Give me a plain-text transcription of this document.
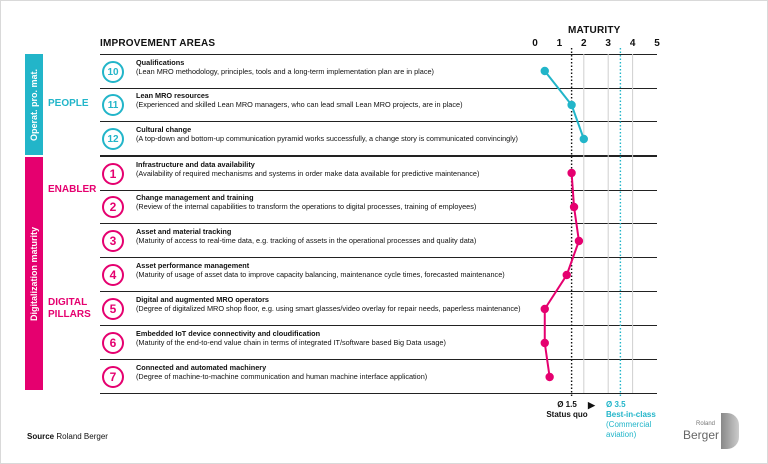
IMPROVEMENT AREAS
MATURITY
0	1	2	3	4	5
Operat. pro. mat.
Digitalization maturity
PEOPLE
ENABLER
DIGITAL PILLARS
10
Qualifications
(Lean MRO methodology, principles, tools and a long-term implementation plan are in place)
11
Lean MRO resources
(Experienced and skilled Lean MRO managers, who can lead small Lean MRO projects, are in place)
12
Cultural change
(A top-down and bottom-up communication pyramid works successfully, a change story is communicated convincingly)
1
Infrastructure and data availability
(Availability of required mechanisms and systems in order make data available for predictive maintenance)
2
Change management and training
(Review of the internal capabilities to transform the operations to digital processes, training of employees)
3
Asset and material tracking
(Maturity of access to real-time data, e.g. tracking of assets in the operational processes and quality data)
4
Asset performance management
(Maturity of usage of asset data to improve capacity balancing, maintenance cycle times, forecasted maintenance)
5
Digital and augmented MRO operators
(Degree of digitalized MRO shop floor, e.g. using smart glasses/video overlay for repair needs, paperless maintenance)
6
Embedded IoT device connectivity and cloudification
(Maturity of the end-to-end value chain in terms of integrated IT/software based Big Data usage)
7
Connected and automated machinery
(Degree of machine-to-machine communication and human machine interface application)
Ø 1.5
Status quo
▶ Ø 3.5
Best-in-class
(Commercial aviation)
Source Roland Berger
Roland
Berger
